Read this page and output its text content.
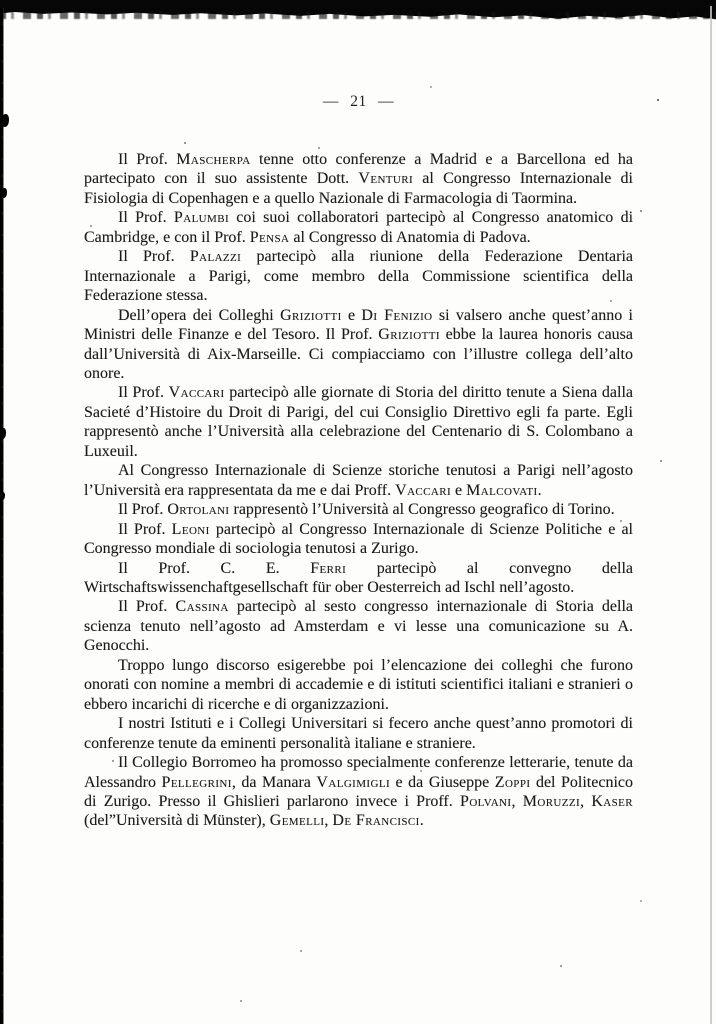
— 21 —

Il Prof. Mascherpa tenne otto conferenze a Madrid e a Barcellona ed ha partecipato con il suo assistente Dott. Venturi al Congresso Internazionale di Fisiologia di Copenhagen e a quello Nazionale di Farmacologia di Taormina.

Il Prof. Palumbi coi suoi collaboratori partecipò al Congresso anatomico di Cambridge, e con il Prof. Pensa al Congresso di Anatomia di Padova.

Il Prof. Palazzi partecipò alla riunione della Federazione Dentaria Internazionale a Parigi, come membro della Commissione scientifica della Federazione stessa.

Dell’opera dei Colleghi Griziotti e Di Fenizio si valsero anche quest’anno i Ministri delle Finanze e del Tesoro. Il Prof. Griziotti ebbe la laurea honoris causa dall’Università di Aix-Marseille. Ci compiacciamo con l’illustre collega dell’alto onore.

Il Prof. Vaccari partecipò alle giornate di Storia del diritto tenute a Siena dalla Sacieté d’Histoire du Droit di Parigi, del cui Consiglio Direttivo egli fa parte. Egli rappresentò anche l’Università alla celebrazione del Centenario di S. Colombano a Luxeuil.

Al Congresso Internazionale di Scienze storiche tenutosi a Parigi nell’agosto l’Università era rappresentata da me e dai Proff. Vaccari e Malcovati.

Il Prof. Ortolani rappresentò l’Università al Congresso geografico di Torino.

Il Prof. Leoni partecipò al Congresso Internazionale di Scienze Politiche e al Congresso mondiale di sociologia tenutosi a Zurigo.

Il Prof. C. E. Ferri partecipò al convegno della Wirtschaftswissenchaftgesellschaft für ober Oesterreich ad Ischl nell’agosto.

Il Prof. Cassina partecipò al sesto congresso internazionale di Storia della scienza tenuto nell’agosto ad Amsterdam e vi lesse una comunicazione su A. Genocchi.

Troppo lungo discorso esigerebbe poi l’elencazione dei colleghi che furono onorati con nomine a membri di accademie e di istituti scientifici italiani e stranieri o ebbero incarichi di ricerche e di organizzazioni.

I nostri Istituti e i Collegi Universitari si fecero anche quest’anno promotori di conferenze tenute da eminenti personalità italiane e straniere.

Il Collegio Borromeo ha promosso specialmente conferenze letterarie, tenute da Alessandro Pellegrini, da Manara Valgimigli e da Giuseppe Zoppi del Politecnico di Zurigo. Presso il Ghislieri parlarono invece i Proff. Polvani, Moruzzi, Kaser (del”Università di Münster), Gemelli, De Francisci.
